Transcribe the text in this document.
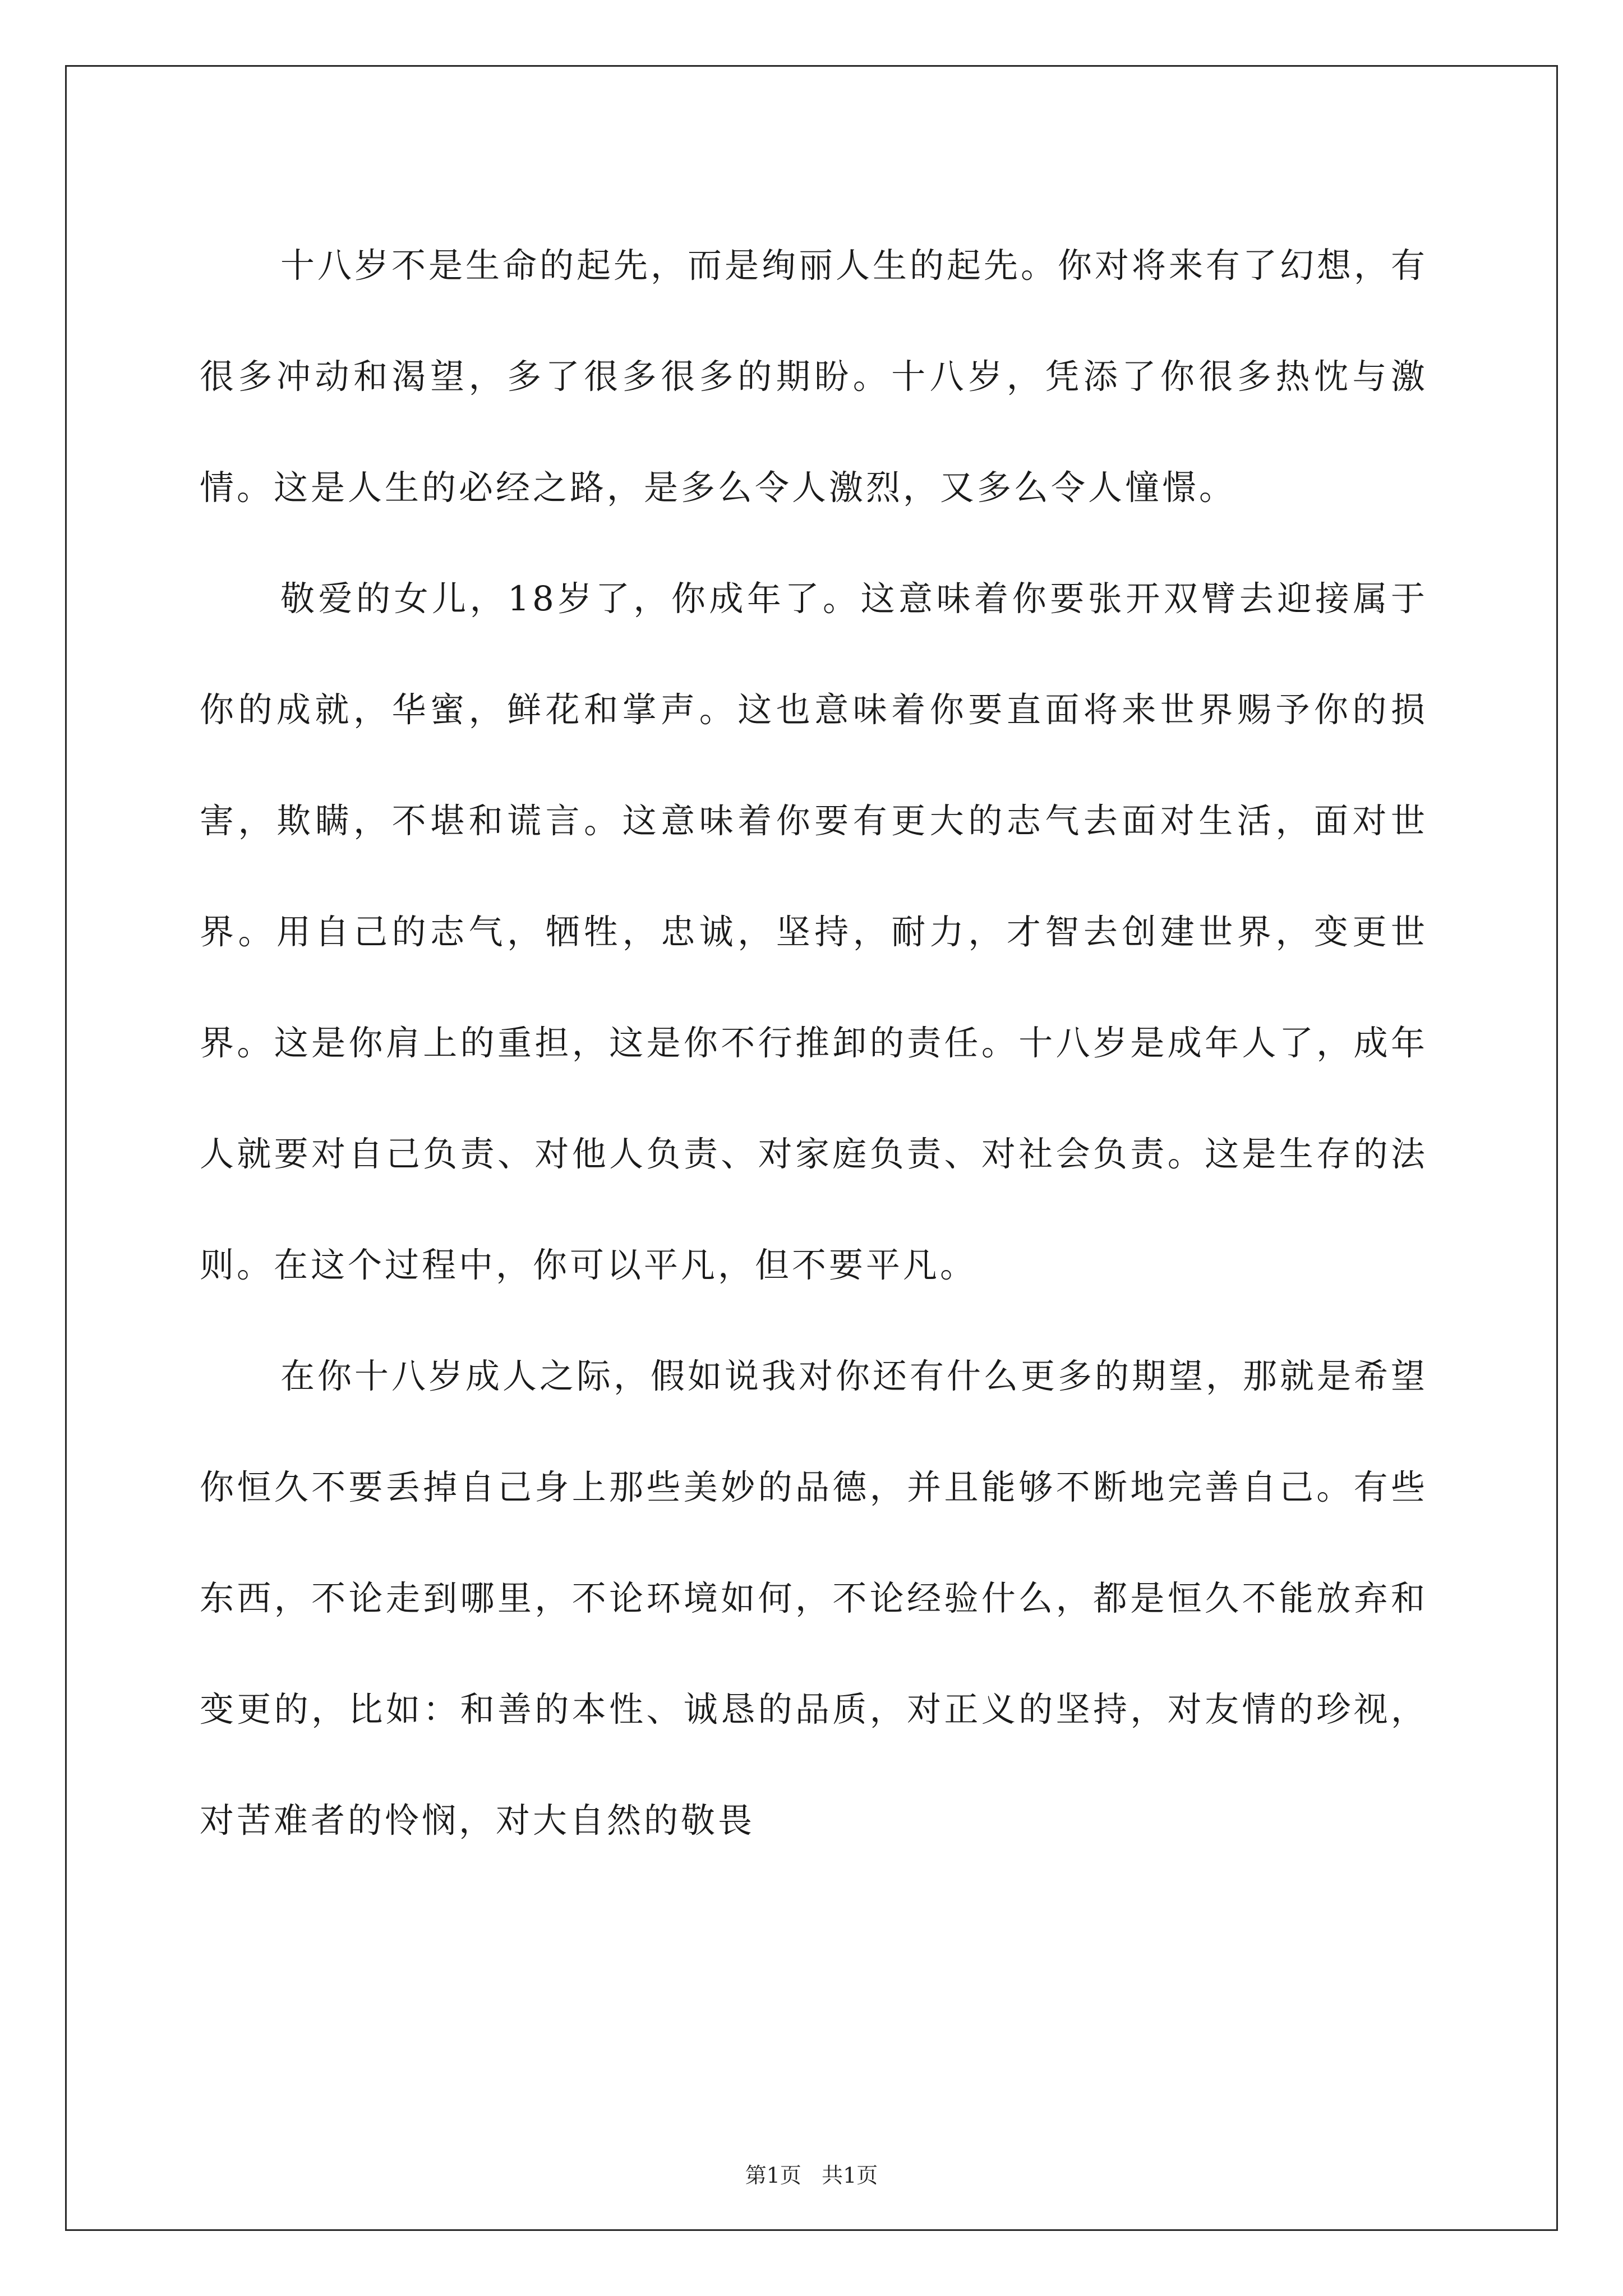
十八岁不是生命的起先，而是绚丽人生的起先。你对将来有了幻想，有很多冲动和渴望，多了很多很多的期盼。十八岁，凭添了你很多热忱与激情。这是人生的必经之路，是多么令人激烈，又多么令人憧憬。

敬爱的女儿，18岁了，你成年了。这意味着你要张开双臂去迎接属于你的成就，华蜜，鲜花和掌声。这也意味着你要直面将来世界赐予你的损害，欺瞒，不堪和谎言。这意味着你要有更大的志气去面对生活，面对世界。用自己的志气，牺牲，忠诚，坚持，耐力，才智去创建世界，变更世界。这是你肩上的重担，这是你不行推卸的责任。十八岁是成年人了，成年人就要对自己负责、对他人负责、对家庭负责、对社会负责。这是生存的法则。在这个过程中，你可以平凡，但不要平凡。

在你十八岁成人之际，假如说我对你还有什么更多的期望，那就是希望你恒久不要丢掉自己身上那些美妙的品德，并且能够不断地完善自己。有些东西，不论走到哪里，不论环境如何，不论经验什么，都是恒久不能放弃和变更的，比如：和善的本性、诚恳的品质，对正义的坚持，对友情的珍视，对苦难者的怜悯，对大自然的敬畏

第1页   共1页
